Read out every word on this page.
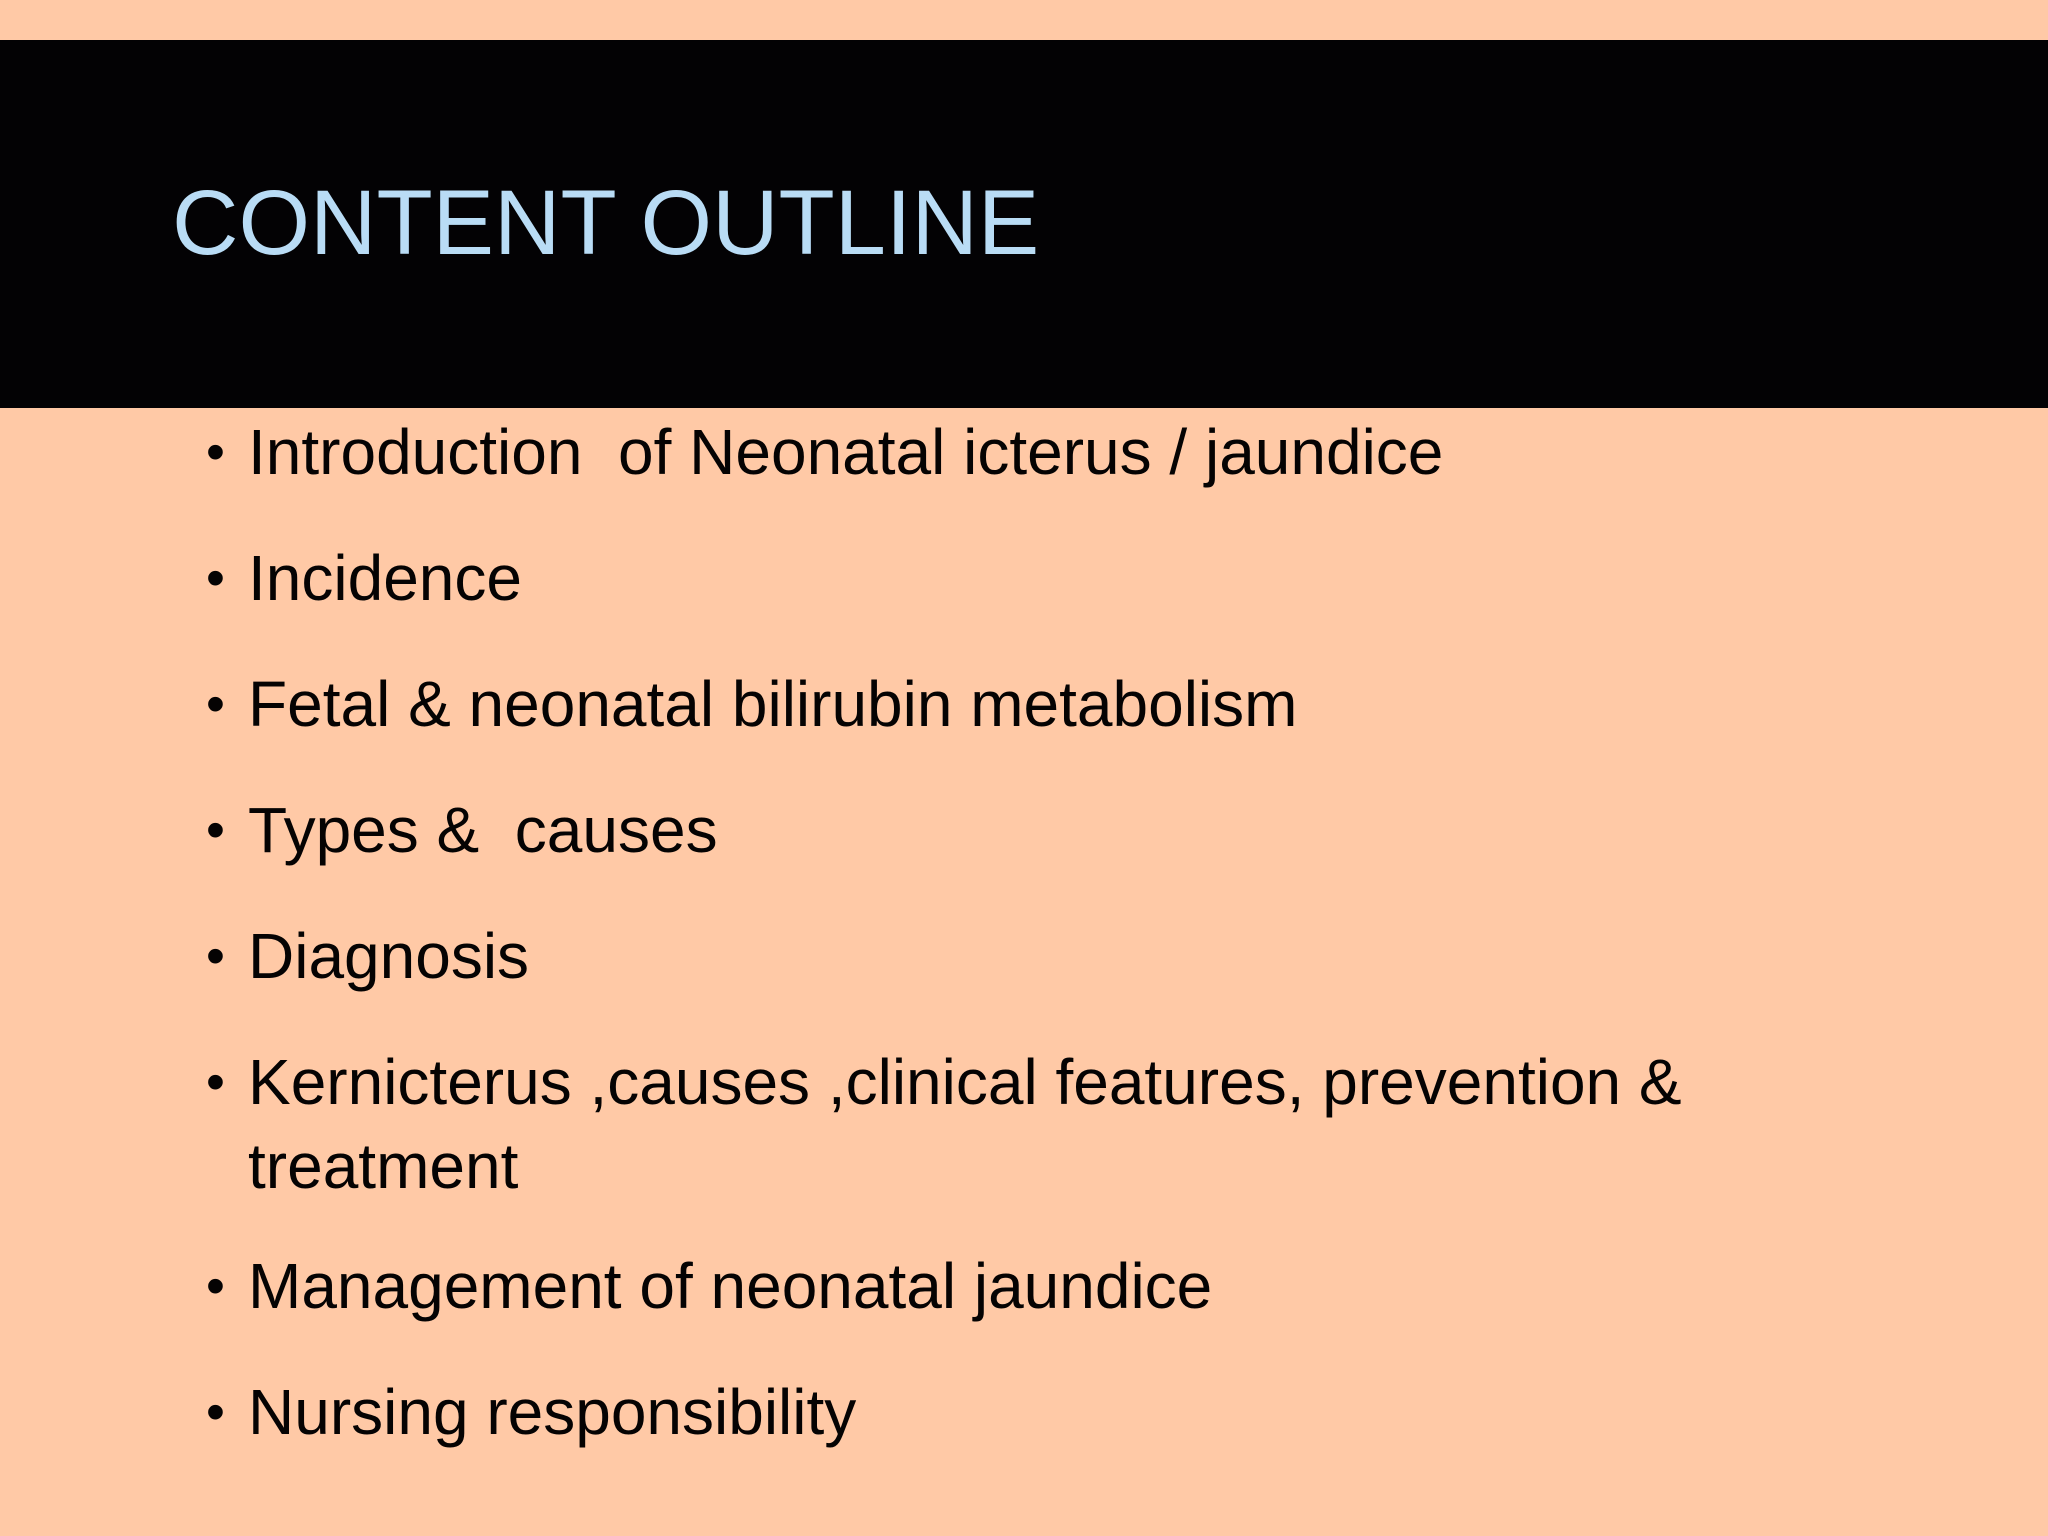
CONTENT OUTLINE
• Introduction  of Neonatal icterus / jaundice
• Incidence
• Fetal & neonatal bilirubin metabolism
• Types &  causes
• Diagnosis
• Kernicterus ,causes ,clinical features, prevention & treatment
• Management of neonatal jaundice
• Nursing responsibility
